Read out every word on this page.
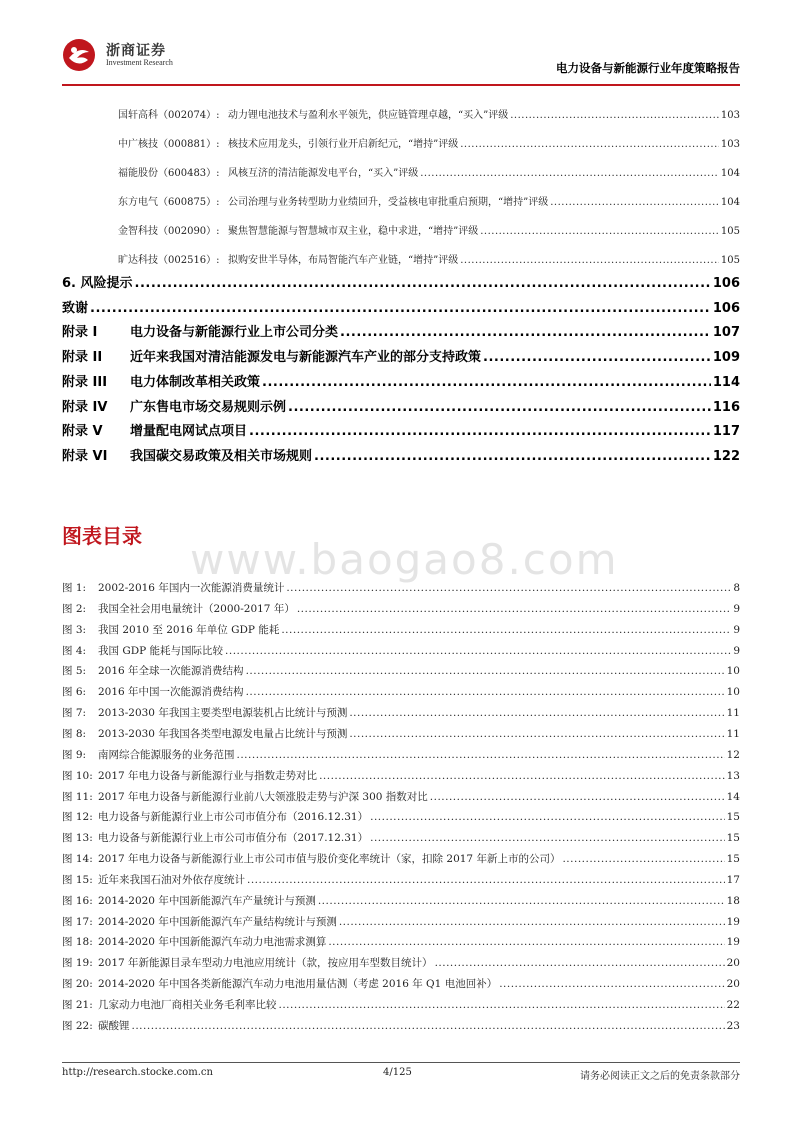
浙商证券
Investment Research	电力设备与新能源行业年度策略报告
国轩高科（002074）: 动力锂电池技术与盈利水平领先，供应链管理卓越，“买入”评级 .....	103
中广核技（000881）: 核技术应用龙头，引领行业开启新纪元，“增持”评级 .....	103
福能股份（600483）: 风核互济的清洁能源发电平台，“买入”评级 .....	104
东方电气（600875）: 公司治理与业务转型助力业绩回升，受益核电审批重启预期，“增持”评级 .....	104
金智科技（002090）: 聚焦智慧能源与智慧城市双主业，稳中求进，“增持”评级 .....	105
旷达科技（002516）: 拟购安世半导体，布局智能汽车产业链，“增持”评级 .....	105
6. 风险提示 .....	106
致谢 .....	106
附录 I	电力设备与新能源行业上市公司分类 .....	107
附录 II	近年来我国对清洁能源发电与新能源汽车产业的部分支持政策 .....	109
附录 III	电力体制改革相关政策 .....	114
附录 IV	广东售电市场交易规则示例 .....	116
附录 V	增量配电网试点项目 .....	117
附录 VI	我国碳交易政策及相关市场规则 .....	122
图表目录 www.baogao8.com
图 1:	2002-2016 年国内一次能源消费量统计 .....	8
图 2:	我国全社会用电量统计（2000-2017 年） .....	9
图 3:	我国 2010 至 2016 年单位 GDP 能耗 .....	9
图 4:	我国 GDP 能耗与国际比较 .....	9
图 5:	2016 年全球一次能源消费结构 .....	10
图 6:	2016 年中国一次能源消费结构 .....	10
图 7:	2013-2030 年我国主要类型电源装机占比统计与预测 .....	11
图 8:	2013-2030 年我国各类型电源发电量占比统计与预测 .....	11
图 9:	南网综合能源服务的业务范围 .....	12
图 10: 2017 年电力设备与新能源行业与指数走势对比 .....	13
图 11: 2017 年电力设备与新能源行业前八大领涨股走势与沪深 300 指数对比 .....	14
图 12: 电力设备与新能源行业上市公司市值分布（2016.12.31） .....	15
图 13: 电力设备与新能源行业上市公司市值分布（2017.12.31） .....	15
图 14: 2017 年电力设备与新能源行业上市公司市值与股价变化率统计（家，扣除 2017 年新上市的公司） .....	15
图 15: 近年来我国石油对外依存度统计 .....	17
图 16: 2014-2020 年中国新能源汽车产量统计与预测 .....	18
图 17: 2014-2020 年中国新能源汽车产量结构统计与预测 .....	19
图 18: 2014-2020 年中国新能源汽车动力电池需求测算 .....	19
图 19: 2017 年新能源目录车型动力电池应用统计（款，按应用车型数目统计） .....	20
图 20: 2014-2020 年中国各类新能源汽车动力电池用量估测（考虑 2016 年 Q1 电池回补） .....	20
图 21: 几家动力电池厂商相关业务毛利率比较 .....	22
图 22: 碳酸锂 .....	23
http://research.stocke.com.cn	4/125	请务必阅读正文之后的免责条款部分
